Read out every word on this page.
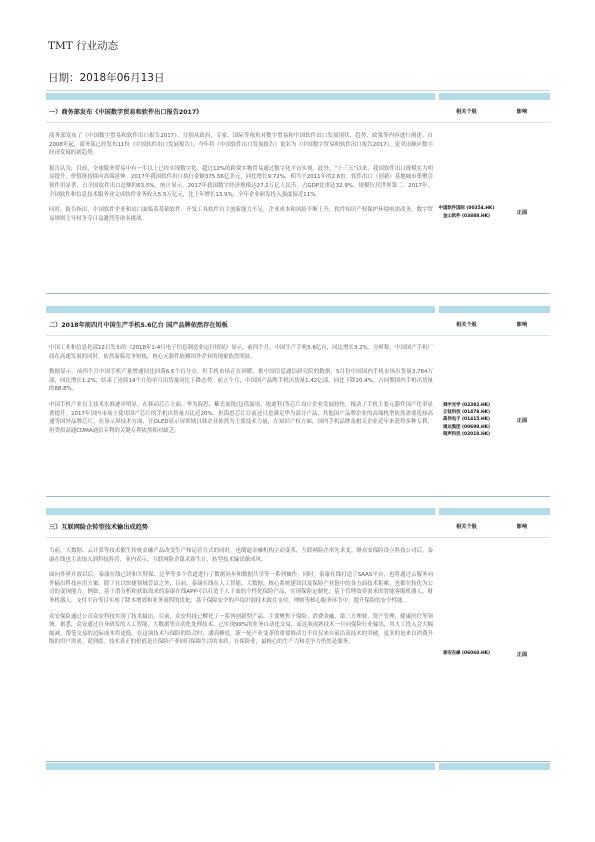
TMT 行业动态
日期：2018年06月13日
一）商务部发布《中国数字贸易和软件出口报告2017》	相关个股	影响

商务部发布了《中国数字贸易和软件出口报告2017》，分别从政府、专家、国际等视角对数字贸易和中国软件出口发展现状、趋势、政策等内容进行阐述。自2008年起，商务部已经发布11份《中国软件出口发展报告》，今年将《中国软件出口发展报告》更名为《中国数字贸易和软件出口报告2017》，更突出顺应数字经济发展的新趋势。

报告认为，目前，全球服务贸易中有一半以上已经实现数字化，超过12%的跨境实物贸易通过数字化平台实现。此外，“十三五”以来，我国软件出口规模实力明显提升，价值链持续向高端延伸。2017年我国软件出口执行金额375.56亿美元，同比增长9.72%，相当于2011年的2.6倍。软件出口（创新）基地城市集聚引领作用显著，占全国软件出口总额的63.5%。统计显示，2017年我国数字经济规模达27.2万亿人民币，占GDP比重达32.9%，规模位居世界第二。2017年，全国软件和信息技术服务业完成软件业务收入5.5万亿元，比上年增长13.9%，全年企业研发投入强度接近11%。

同时，报告指出，中国软件企业和出口面临着基础软件、开发工具软件自主创新能力不足，企业成本和风险不断上升，软件知识产权保护环境亟需改善，数字贸易规则主导权争夺日益激烈等诸多挑战。

中国软件国际 (00354.HK)
金山软件 (03888.HK)	正面
二）2018年前四月中国生产手机5.6亿台 国产品牌依然存在短板	相关个股	影响

中国工业和信息化部12日发布的《2018年1-4月电子信息制造业运行情况》显示，前四个月，中国生产手机5.6亿台，同比增长3.2%。分析称，中国国产手机厂商在高速发展的同时，依然面临竞争短板，核心元器件依赖国外企业的现象依然明显。

数据显示，前四个月中国手机产量增速同比回落6.6个百分点。但手机市场正在回暖，据中国信息通信研究院的数据，5月份中国国内手机市场出货量3,784万部，同比增长1.2%，结束了连续14个月的单月出货量同比下降态势。前五个月，中国国产品牌手机出货量1.42亿部，同比下降20.4%，占同期国内手机出货量的88.8%。

中国手机产业自主技术水准逐步明显。在移动芯片方面，华为海思、紫光展锐(包括展讯、锐迪科)等芯片设计企业发展较快，推动了手机主要元器件国产化率显著提升。2017年国内市场上使用国产芯片的手机出货量占比近20%。但海思芯片目前还只是满足华为部分产品，其他国产品牌企业的高端机型依然需要选择高通等国外品牌芯片。在显示屏技术方面，在OLED显示屏领域日韩企业依然为主要技术力量，在知识产权方面，国内手机品牌及相关企业近年来获得多种专利，但类似高通CDMA通信专利的关键专利依然相对缺乏。

舜宇光学 (02382.HK)
丘钛科技 (01478.HK)
高伟电子 (01415.HK)
通达集团 (00698.HK)
瑞声科技 (02018.HK)
正面
三）互联网险企转型技术输出成趋势	相关个股	影响

当前，大数据、云计算等技术催生传统金融产品改变生产和运营方式的同时，也倒逼金融机构主动变革，互联网险企率先求变。继众安保险设立科技公司后，泰康在线也主动加入到科技阵营，业内表示，互联网险企谋求新生计，转型技术输出渐成风。

面向外界开放以后，泰康在线已经和大特保、泛华等多个管道进行了数据同步和数据共享等一系列操作。同时，泰康在线打造了SAAS平台，也将通过云服务向外输出科技应用方案。除了在以快捷领域尝试之外，目前，泰康在线在人工智能、大数据、核心系统建设以及保险产业链中的各方面技术积累，也都在转化为公司的变现能力。例如，基于潜分析和获取需求的泰康在线APP可以打造千人千面的个性化保险产品，实现保险定制化；基于管理效率需求的智能客服机器人、财务机器人、支付平台等目实现了降本增效和业务流程的优化；基于保障安全的声纹识别技术致在支付，理赔等核心服务环节中，提升保险的安全性能。

众安保险通过公司众安科技实现了技术输出。目前，众安科技已孵化了一系列创新型产品，主要聚焦于保险、消费金融、第三方理财、资产管理、健康医疗等领域。据悉，众安通过自身研发的人工智能、大数据等自动化处理技术，已实现99%的业务自动化交易，而这项成熟技术一旦向保险行业输出，其人工投入会大幅缩减，帮笔交易的边际成本将更低。在这项技术与保险的结合时，潘高峰说，新一轮产业变革的重要推动力不仅仅来自前沿高技术的突破，更多的是来自消费升级的用户需求。说到底，技术真正的价值是让保险产业回归保障生活的本质，在保险业，最核心的生产力和竞争力仍然是服务。

泰安在線 (06060.HK)	正面
